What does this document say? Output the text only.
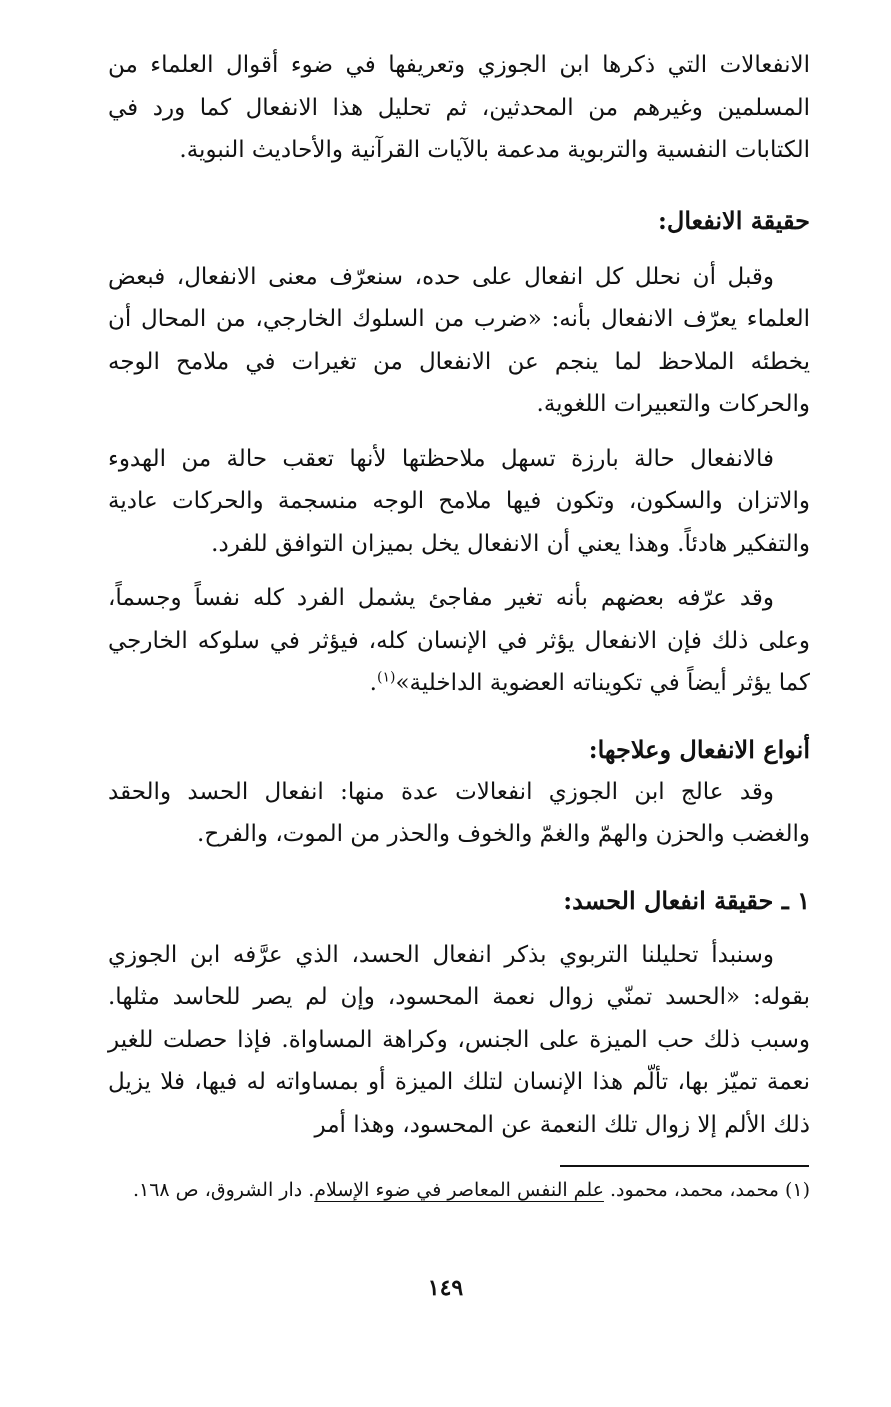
الانفعالات التي ذكرها ابن الجوزي وتعريفها في ضوء أقوال العلماء من المسلمين وغيرهم من المحدثين، ثم تحليل هذا الانفعال كما ورد في الكتابات النفسية والتربوية مدعمة بالآيات القرآنية والأحاديث النبوية.

حقيقة الانفعال:

وقبل أن نحلل كل انفعال على حده، سنعرّف معنى الانفعال، فبعض العلماء يعرّف الانفعال بأنه: «ضرب من السلوك الخارجي، من المحال أن يخطئه الملاحظ لما ينجم عن الانفعال من تغيرات في ملامح الوجه والحركات والتعبيرات اللغوية.

فالانفعال حالة بارزة تسهل ملاحظتها لأنها تعقب حالة من الهدوء والاتزان والسكون، وتكون فيها ملامح الوجه منسجمة والحركات عادية والتفكير هادئاً. وهذا يعني أن الانفعال يخل بميزان التوافق للفرد.

وقد عرّفه بعضهم بأنه تغير مفاجئ يشمل الفرد كله نفساً وجسماً، وعلى ذلك فإن الانفعال يؤثر في الإنسان كله، فيؤثر في سلوكه الخارجي كما يؤثر أيضاً في تكويناته العضوية الداخلية»$^{(١)}$.

أنواع الانفعال وعلاجها:

وقد عالج ابن الجوزي انفعالات عدة منها: انفعال الحسد والحقد والغضب والحزن والهمّ والغمّ والخوف والحذر من الموت، والفرح.

١ ـ حقيقة انفعال الحسد:

وسنبدأ تحليلنا التربوي بذكر انفعال الحسد، الذي عرَّفه ابن الجوزي بقوله: «الحسد تمنّي زوال نعمة المحسود، وإن لم يصر للحاسد مثلها. وسبب ذلك حب الميزة على الجنس، وكراهة المساواة. فإذا حصلت للغير نعمة تميّز بها، تألّم هذا الإنسان لتلك الميزة أو بمساواته له فيها، فلا يزيل ذلك الألم إلا زوال تلك النعمة عن المحسود، وهذا أمر

(١) محمد، محمد، محمود. علم النفس المعاصر في ضوء الإسلام. دار الشروق، ص ١٦٨.

١٤٩
